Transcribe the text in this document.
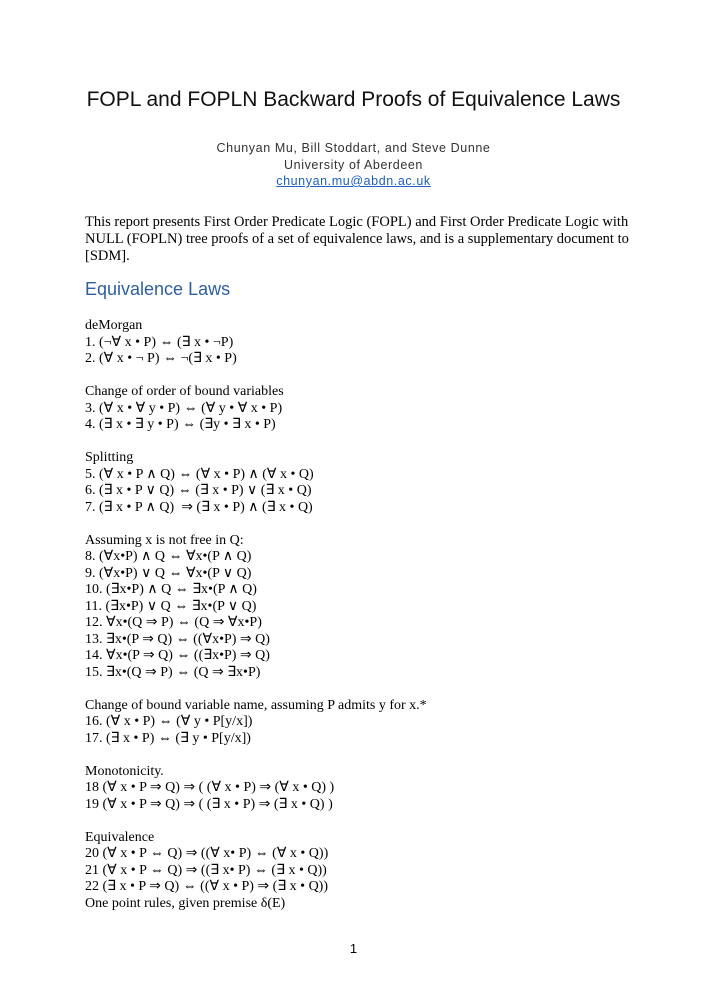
FOPL and FOPLN Backward Proofs of Equivalence Laws
Chunyan Mu, Bill Stoddart, and Steve Dunne
University of Aberdeen
chunyan.mu@abdn.ac.uk

This report presents First Order Predicate Logic (FOPL) and First Order Predicate Logic with NULL (FOPLN) tree proofs of a set of equivalence laws, and is a supplementary document to [SDM].

Equivalence Laws
deMorgan
1. (¬∀ x • P) ⇔ (∃ x • ¬P)
2. (∀ x • ¬ P) ⇔ ¬(∃ x • P)
Change of order of bound variables
3. (∀ x • ∀ y • P) ⇔ (∀ y • ∀ x • P)
4. (∃ x • ∃ y • P) ⇔ (∃y • ∃ x • P)
Splitting
5. (∀ x • P ∧ Q) ⇔ (∀ x • P) ∧ (∀ x • Q)
6. (∃ x • P ∨ Q) ⇔ (∃ x • P) ∨ (∃ x • Q)
7. (∃ x • P ∧ Q)  ⇒ (∃ x • P) ∧ (∃ x • Q)
Assuming x is not free in Q:
8. (∀x•P) ∧ Q ⇔ ∀x•(P ∧ Q)
9. (∀x•P) ∨ Q ⇔ ∀x•(P ∨ Q)
10. (∃x•P) ∧ Q ⇔ ∃x•(P ∧ Q)
11. (∃x•P) ∨ Q ⇔ ∃x•(P ∨ Q)
12. ∀x•(Q ⇒ P) ⇔ (Q ⇒ ∀x•P)
13. ∃x•(P ⇒ Q) ⇔ ((∀x•P) ⇒ Q)
14. ∀x•(P ⇒ Q) ⇔ ((∃x•P) ⇒ Q)
15. ∃x•(Q ⇒ P) ⇔ (Q ⇒ ∃x•P)
Change of bound variable name, assuming P admits y for x.*
16. (∀ x • P) ⇔ (∀ y • P[y/x])
17. (∃ x • P) ⇔ (∃ y • P[y/x])
Monotonicity.
18 (∀ x • P ⇒ Q) ⇒ ( (∀ x • P) ⇒ (∀ x • Q) )
19 (∀ x • P ⇒ Q) ⇒ ( (∃ x • P) ⇒ (∃ x • Q) )
Equivalence
20 (∀ x • P ⇔ Q) ⇒ ((∀ x• P) ⇔ (∀ x • Q))
21 (∀ x • P ⇔ Q) ⇒ ((∃ x• P) ⇔ (∃ x • Q))
22 (∃ x • P ⇒ Q) ⇔ ((∀ x • P) ⇒ (∃ x • Q))
One point rules, given premise δ(E)
1
